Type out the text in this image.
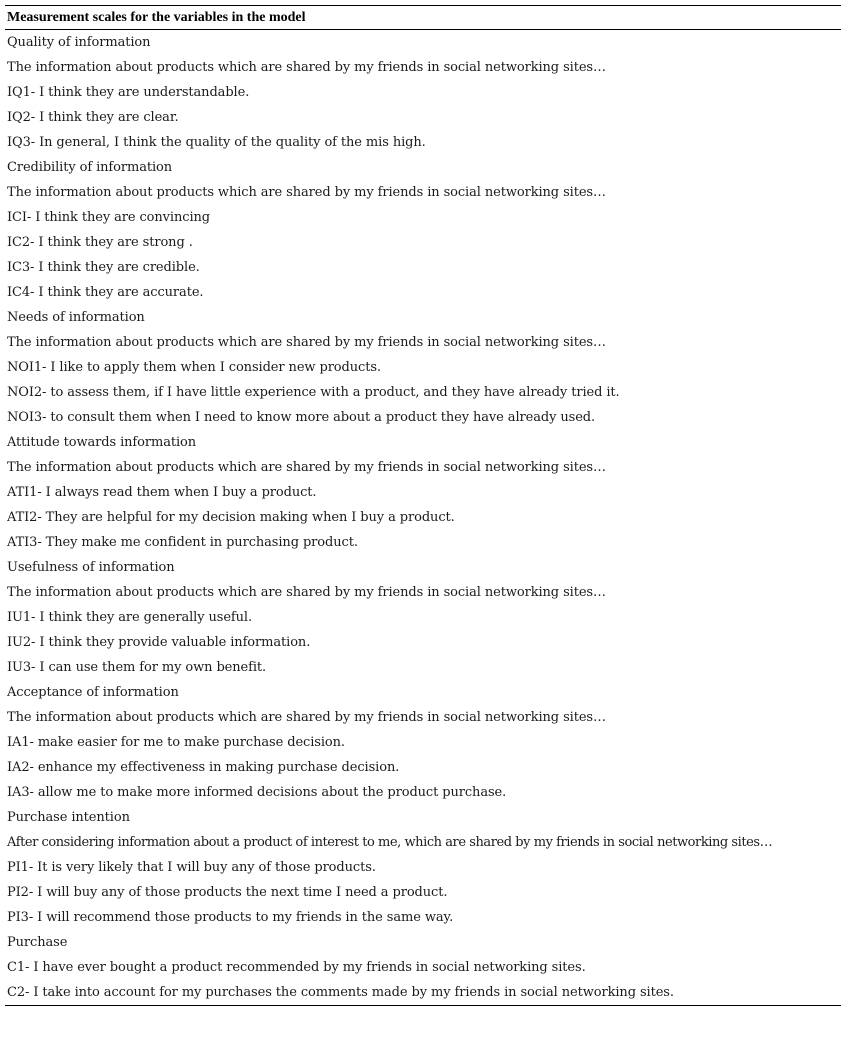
Measurement scales for the variables in the model
Quality of information
The information about products which are shared by my friends in social networking sites…
IQ1- I think they are understandable.
IQ2- I think they are clear.
IQ3- In general, I think the quality of the quality of the mis high.
Credibility of information
The information about products which are shared by my friends in social networking sites…
ICI- I think they are convincing
IC2- I think they are strong .
IC3- I think they are credible.
IC4- I think they are accurate.
Needs of information
The information about products which are shared by my friends in social networking sites…
NOI1- I like to apply them when I consider new products.
NOI2- to assess them, if I have little experience with a product, and they have already tried it.
NOI3- to consult them when I need to know more about a product they have already used.
Attitude towards information
The information about products which are shared by my friends in social networking sites…
ATI1- I always read them when I buy a product.
ATI2- They are helpful for my decision making when I buy a product.
ATI3- They make me confident in purchasing product.
Usefulness of information
The information about products which are shared by my friends in social networking sites…
IU1- I think they are generally useful.
IU2- I think they provide valuable information.
IU3- I can use them for my own benefit.
Acceptance of information
The information about products which are shared by my friends in social networking sites…
IA1- make easier for me to make purchase decision.
IA2- enhance my effectiveness in making purchase decision.
IA3- allow me to make more informed decisions about the product purchase.
Purchase intention
After considering information about a product of interest to me, which are shared by my friends in social networking sites…
PI1- It is very likely that I will buy any of those products.
PI2- I will buy any of those products the next time I need a product.
PI3- I will recommend those products to my friends in the same way.
Purchase
C1- I have ever bought a product recommended by my friends in social networking sites.
C2- I take into account for my purchases the comments made by my friends in social networking sites.
